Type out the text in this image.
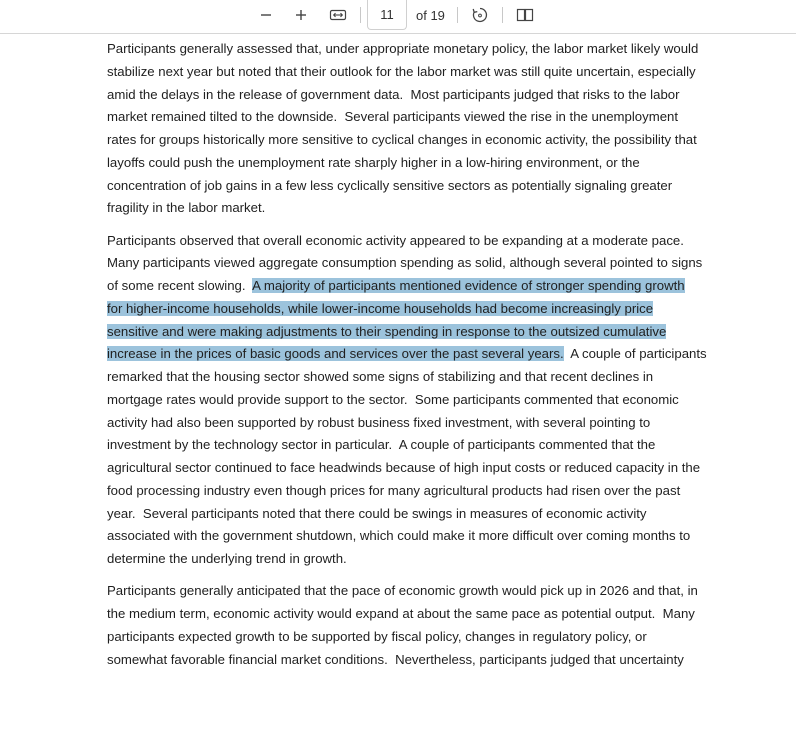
11 of 19
Participants generally assessed that, under appropriate monetary policy, the labor market likely would
stabilize next year but noted that their outlook for the labor market was still quite uncertain, especially
amid the delays in the release of government data.  Most participants judged that risks to the labor
market remained tilted to the downside.  Several participants viewed the rise in the unemployment
rates for groups historically more sensitive to cyclical changes in economic activity, the possibility that
layoffs could push the unemployment rate sharply higher in a low-hiring environment, or the
concentration of job gains in a few less cyclically sensitive sectors as potentially signaling greater
fragility in the labor market.
Participants observed that overall economic activity appeared to be expanding at a moderate pace.
Many participants viewed aggregate consumption spending as solid, although several pointed to signs
of some recent slowing.  A majority of participants mentioned evidence of stronger spending growth
for higher-income households, while lower-income households had become increasingly price
sensitive and were making adjustments to their spending in response to the outsized cumulative
increase in the prices of basic goods and services over the past several years.  A couple of participants
remarked that the housing sector showed some signs of stabilizing and that recent declines in
mortgage rates would provide support to the sector.  Some participants commented that economic
activity had also been supported by robust business fixed investment, with several pointing to
investment by the technology sector in particular.  A couple of participants commented that the
agricultural sector continued to face headwinds because of high input costs or reduced capacity in the
food processing industry even though prices for many agricultural products had risen over the past
year.  Several participants noted that there could be swings in measures of economic activity
associated with the government shutdown, which could make it more difficult over coming months to
determine the underlying trend in growth.
Participants generally anticipated that the pace of economic growth would pick up in 2026 and that, in
the medium term, economic activity would expand at about the same pace as potential output.  Many
participants expected growth to be supported by fiscal policy, changes in regulatory policy, or
somewhat favorable financial market conditions.  Nevertheless, participants judged that uncertainty
